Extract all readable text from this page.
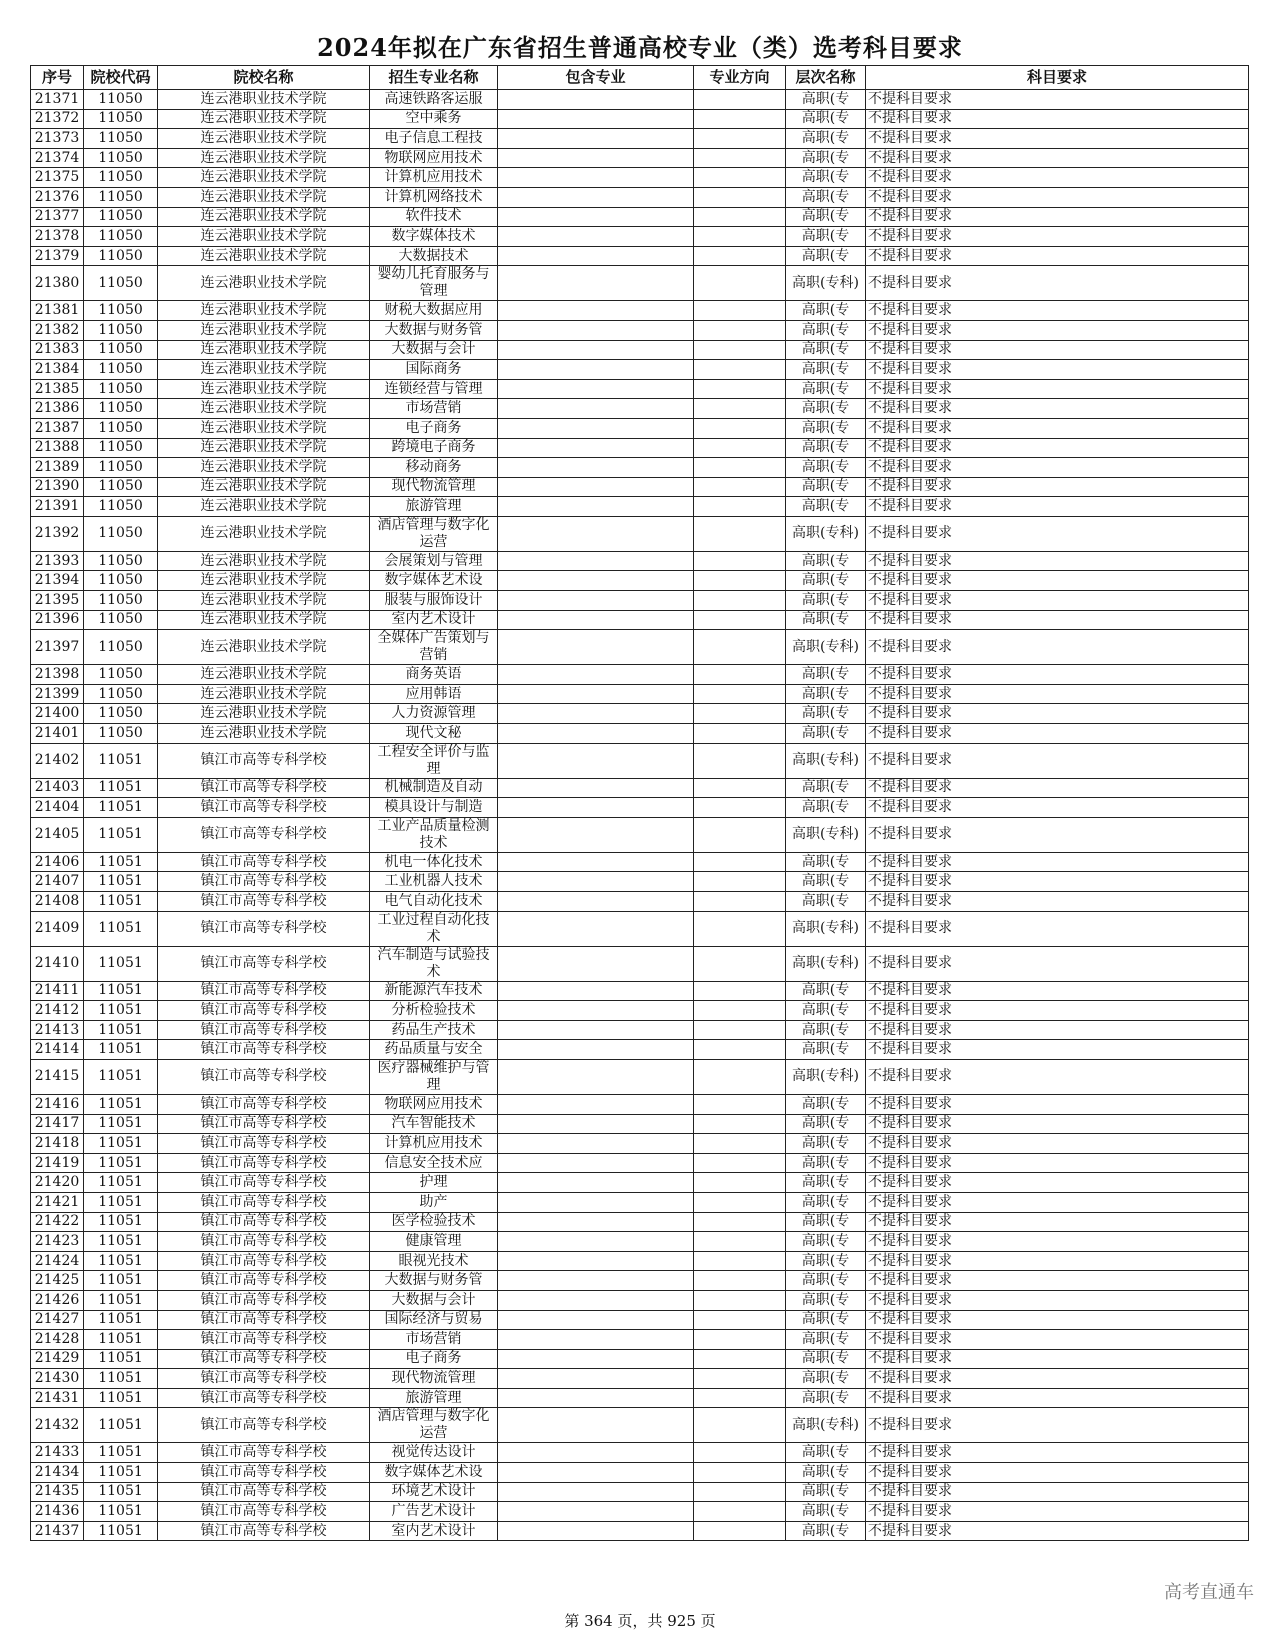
2024年拟在广东省招生普通高校专业（类）选考科目要求
序号	院校代码	院校名称	招生专业名称	包含专业	专业方向	层次名称	科目要求
21371	11050	连云港职业技术学院	高速铁路客运服			高职(专	不提科目要求
21372	11050	连云港职业技术学院	空中乘务			高职(专	不提科目要求
21373	11050	连云港职业技术学院	电子信息工程技			高职(专	不提科目要求
21374	11050	连云港职业技术学院	物联网应用技术			高职(专	不提科目要求
21375	11050	连云港职业技术学院	计算机应用技术			高职(专	不提科目要求
21376	11050	连云港职业技术学院	计算机网络技术			高职(专	不提科目要求
21377	11050	连云港职业技术学院	软件技术			高职(专	不提科目要求
21378	11050	连云港职业技术学院	数字媒体技术			高职(专	不提科目要求
21379	11050	连云港职业技术学院	大数据技术			高职(专	不提科目要求
21380	11050	连云港职业技术学院	婴幼儿托育服务与管理			高职(专科)	不提科目要求
21381	11050	连云港职业技术学院	财税大数据应用			高职(专	不提科目要求
21382	11050	连云港职业技术学院	大数据与财务管			高职(专	不提科目要求
21383	11050	连云港职业技术学院	大数据与会计			高职(专	不提科目要求
21384	11050	连云港职业技术学院	国际商务			高职(专	不提科目要求
21385	11050	连云港职业技术学院	连锁经营与管理			高职(专	不提科目要求
21386	11050	连云港职业技术学院	市场营销			高职(专	不提科目要求
21387	11050	连云港职业技术学院	电子商务			高职(专	不提科目要求
21388	11050	连云港职业技术学院	跨境电子商务			高职(专	不提科目要求
21389	11050	连云港职业技术学院	移动商务			高职(专	不提科目要求
21390	11050	连云港职业技术学院	现代物流管理			高职(专	不提科目要求
21391	11050	连云港职业技术学院	旅游管理			高职(专	不提科目要求
21392	11050	连云港职业技术学院	酒店管理与数字化运营			高职(专科)	不提科目要求
21393	11050	连云港职业技术学院	会展策划与管理			高职(专	不提科目要求
21394	11050	连云港职业技术学院	数字媒体艺术设			高职(专	不提科目要求
21395	11050	连云港职业技术学院	服装与服饰设计			高职(专	不提科目要求
21396	11050	连云港职业技术学院	室内艺术设计			高职(专	不提科目要求
21397	11050	连云港职业技术学院	全媒体广告策划与营销			高职(专科)	不提科目要求
21398	11050	连云港职业技术学院	商务英语			高职(专	不提科目要求
21399	11050	连云港职业技术学院	应用韩语			高职(专	不提科目要求
21400	11050	连云港职业技术学院	人力资源管理			高职(专	不提科目要求
21401	11050	连云港职业技术学院	现代文秘			高职(专	不提科目要求
21402	11051	镇江市高等专科学校	工程安全评价与监理			高职(专科)	不提科目要求
21403	11051	镇江市高等专科学校	机械制造及自动			高职(专	不提科目要求
21404	11051	镇江市高等专科学校	模具设计与制造			高职(专	不提科目要求
21405	11051	镇江市高等专科学校	工业产品质量检测技术			高职(专科)	不提科目要求
21406	11051	镇江市高等专科学校	机电一体化技术			高职(专	不提科目要求
21407	11051	镇江市高等专科学校	工业机器人技术			高职(专	不提科目要求
21408	11051	镇江市高等专科学校	电气自动化技术			高职(专	不提科目要求
21409	11051	镇江市高等专科学校	工业过程自动化技术			高职(专科)	不提科目要求
21410	11051	镇江市高等专科学校	汽车制造与试验技术			高职(专科)	不提科目要求
21411	11051	镇江市高等专科学校	新能源汽车技术			高职(专	不提科目要求
21412	11051	镇江市高等专科学校	分析检验技术			高职(专	不提科目要求
21413	11051	镇江市高等专科学校	药品生产技术			高职(专	不提科目要求
21414	11051	镇江市高等专科学校	药品质量与安全			高职(专	不提科目要求
21415	11051	镇江市高等专科学校	医疗器械维护与管理			高职(专科)	不提科目要求
21416	11051	镇江市高等专科学校	物联网应用技术			高职(专	不提科目要求
21417	11051	镇江市高等专科学校	汽车智能技术			高职(专	不提科目要求
21418	11051	镇江市高等专科学校	计算机应用技术			高职(专	不提科目要求
21419	11051	镇江市高等专科学校	信息安全技术应			高职(专	不提科目要求
21420	11051	镇江市高等专科学校	护理			高职(专	不提科目要求
21421	11051	镇江市高等专科学校	助产			高职(专	不提科目要求
21422	11051	镇江市高等专科学校	医学检验技术			高职(专	不提科目要求
21423	11051	镇江市高等专科学校	健康管理			高职(专	不提科目要求
21424	11051	镇江市高等专科学校	眼视光技术			高职(专	不提科目要求
21425	11051	镇江市高等专科学校	大数据与财务管			高职(专	不提科目要求
21426	11051	镇江市高等专科学校	大数据与会计			高职(专	不提科目要求
21427	11051	镇江市高等专科学校	国际经济与贸易			高职(专	不提科目要求
21428	11051	镇江市高等专科学校	市场营销			高职(专	不提科目要求
21429	11051	镇江市高等专科学校	电子商务			高职(专	不提科目要求
21430	11051	镇江市高等专科学校	现代物流管理			高职(专	不提科目要求
21431	11051	镇江市高等专科学校	旅游管理			高职(专	不提科目要求
21432	11051	镇江市高等专科学校	酒店管理与数字化运营			高职(专科)	不提科目要求
21433	11051	镇江市高等专科学校	视觉传达设计			高职(专	不提科目要求
21434	11051	镇江市高等专科学校	数字媒体艺术设			高职(专	不提科目要求
21435	11051	镇江市高等专科学校	环境艺术设计			高职(专	不提科目要求
21436	11051	镇江市高等专科学校	广告艺术设计			高职(专	不提科目要求
21437	11051	镇江市高等专科学校	室内艺术设计			高职(专	不提科目要求
第 364 页，共 925 页
高考直通车
